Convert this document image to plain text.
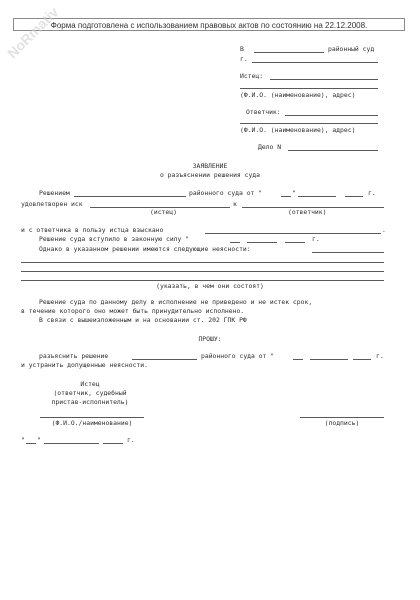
Форма подготовлена с использованием правовых актов по состоянию на 22.12.2008.
NoRmativ	В	районный суд
г.
Истец:
(Ф.И.О. (наименование), адрес)
Ответчик:
(Ф.И.О. (наименование), адрес)
Дело N
ЗАЯВЛЕНИЕ
о разъяснении решения суда
Решением	районного суда от "	"	г.
удовлетворен иск	к
(истец)	(ответчик)
и с ответчика в пользу истца взыскано	.
Решение суда вступило в законную силу "	г.
Однако в указанном решении имеются следующие неясности:
(указать, в чем они состоят)
Решение суда по данному делу в исполнение не приведено и не истек срок,
в течение которого оно может быть принудительно исполнено.
В связи с вышеизложенным и на основании ст. 202 ГПК РФ
ПРОШУ:
разъяснить решение	районного суда от "	г.
и устранить допущенные неясности.
Истец
(ответчик, судебный
пристав-исполнитель)
(Ф.И.О./наименование)	(подпись)
" "	г.
